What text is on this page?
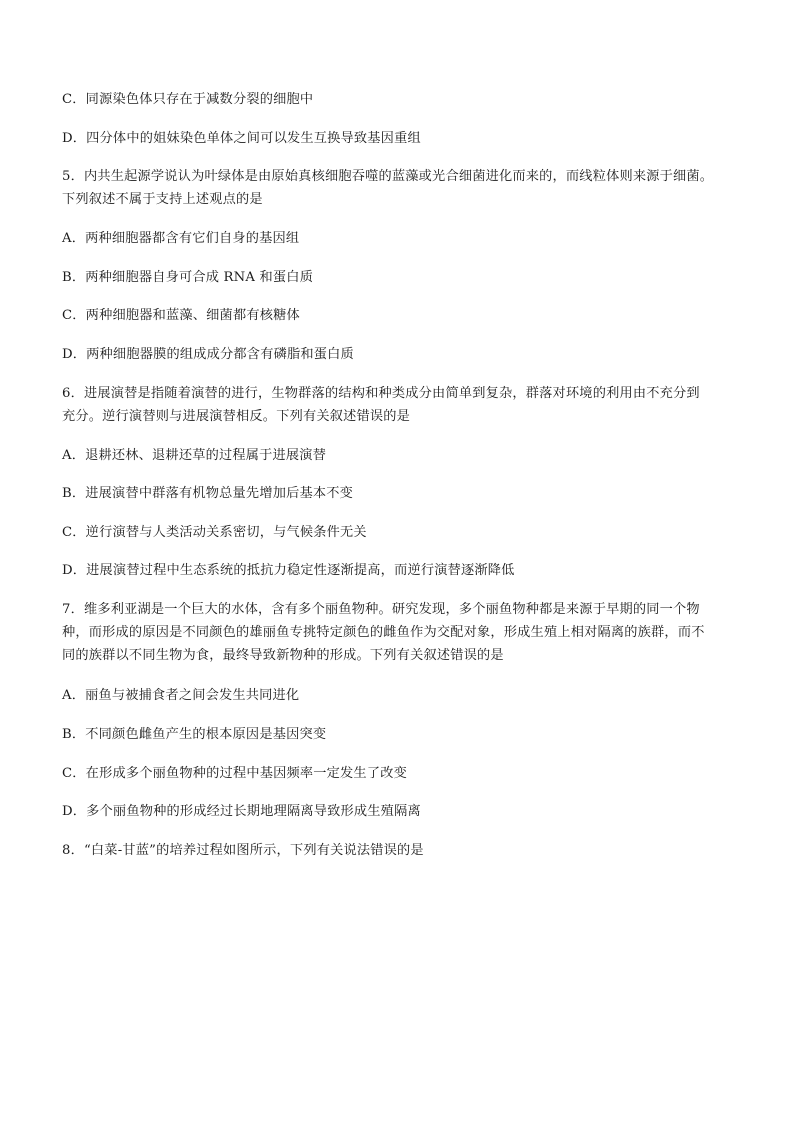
C．同源染色体只存在于减数分裂的细胞中
D．四分体中的姐妹染色单体之间可以发生互换导致基因重组
5．内共生起源学说认为叶绿体是由原始真核细胞吞噬的蓝藻或光合细菌进化而来的，而线粒体则来源于细菌。
下列叙述不属于支持上述观点的是
A．两种细胞器都含有它们自身的基因组
B．两种细胞器自身可合成 RNA 和蛋白质
C．两种细胞器和蓝藻、细菌都有核糖体
D．两种细胞器膜的组成成分都含有磷脂和蛋白质
6．进展演替是指随着演替的进行，生物群落的结构和种类成分由简单到复杂，群落对环境的利用由不充分到
充分。逆行演替则与进展演替相反。下列有关叙述错误的是
A．退耕还林、退耕还草的过程属于进展演替
B．进展演替中群落有机物总量先增加后基本不变
C．逆行演替与人类活动关系密切，与气候条件无关
D．进展演替过程中生态系统的抵抗力稳定性逐渐提高，而逆行演替逐渐降低
7．维多利亚湖是一个巨大的水体，含有多个丽鱼物种。研究发现，多个丽鱼物种都是来源于早期的同一个物
种，而形成的原因是不同颜色的雄丽鱼专挑特定颜色的雌鱼作为交配对象，形成生殖上相对隔离的族群，而不
同的族群以不同生物为食，最终导致新物种的形成。下列有关叙述错误的是
A．丽鱼与被捕食者之间会发生共同进化
B．不同颜色雌鱼产生的根本原因是基因突变
C．在形成多个丽鱼物种的过程中基因频率一定发生了改变
D．多个丽鱼物种的形成经过长期地理隔离导致形成生殖隔离
8．“白菜-甘蓝”的培养过程如图所示，下列有关说法错误的是
